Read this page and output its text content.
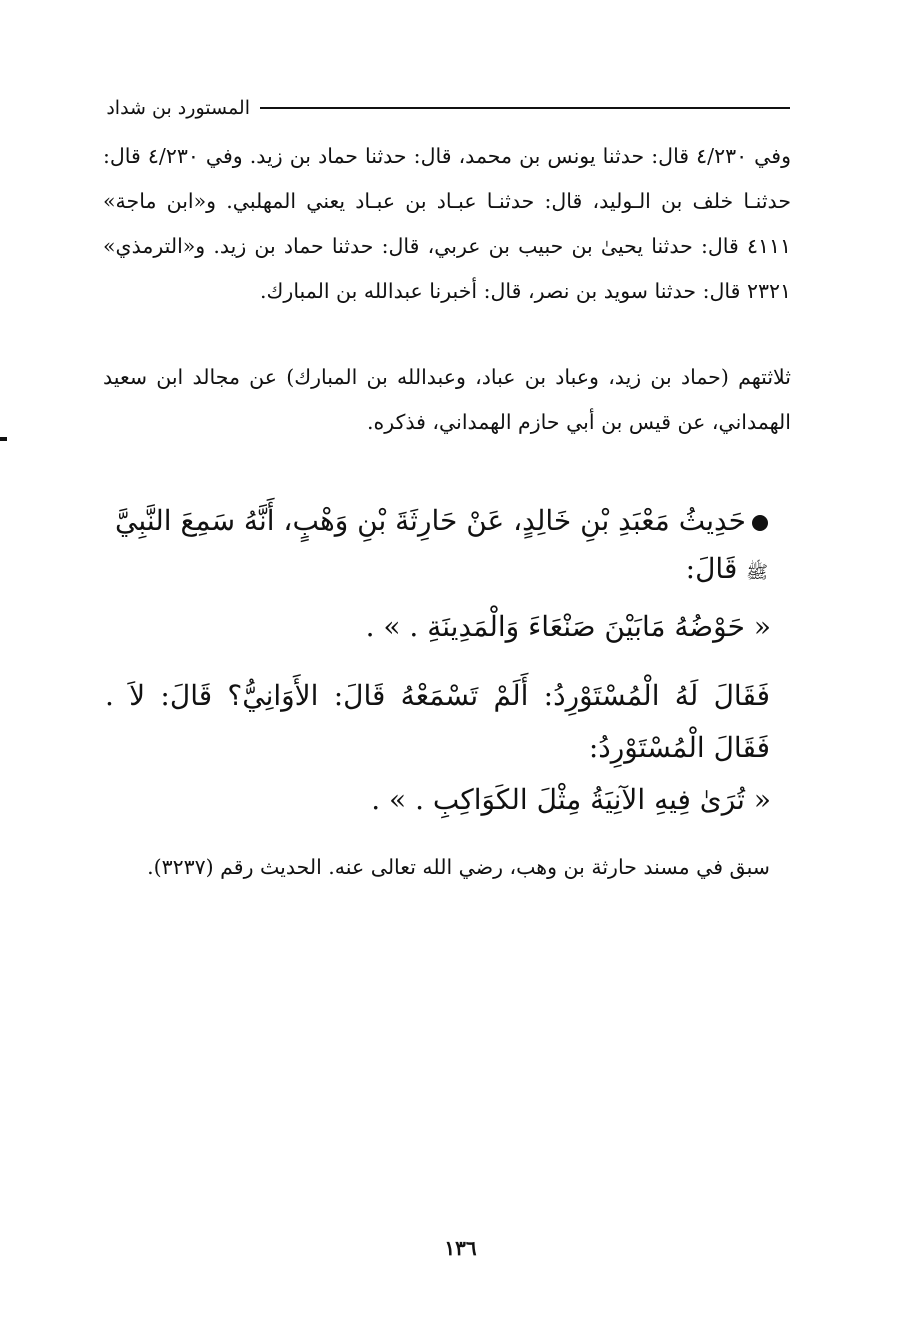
المستورد بن شداد

وفي ٤/٢٣٠ قال: حدثنا يونس بن محمد، قال: حدثنا حماد بن زيد. وفي ٤/٢٣٠ قال: حدثنـا خلف بن الـوليد، قال: حدثنـا عبـاد بن عبـاد يعني المهلبي. و«ابن ماجة» ٤١١١ قال: حدثنا يحيىٰ بن حبيب بن عربي، قال: حدثنا حماد بن زيد. و«الترمذي» ٢٣٢١ قال: حدثنا سويد بن نصر، قال: أخبرنا عبدالله بن المبارك.

ثلاثتهم (حماد بن زيد، وعباد بن عباد، وعبدالله بن المبارك) عن مجالد ابن سعيد الهمداني، عن قيس بن أبي حازم الهمداني، فذكره.

حَدِيثُ مَعْبَدِ بْنِ خَالِدٍ، عَنْ حَارِثَةَ بْنِ وَهْبٍ، أَنَّهُ سَمِعَ النَّبِيَّ
ﷺ قَالَ:

« حَوْضُهُ مَابَيْنَ صَنْعَاءَ وَالْمَدِينَةِ . » .

فَقَالَ لَهُ الْمُسْتَوْرِدُ: أَلَمْ تَسْمَعْهُ قَالَ: الأَوَانِيُّ؟ قَالَ: لاَ . فَقَالَ الْمُسْتَوْرِدُ:

« تُرَىٰ فِيهِ الآنِيَةُ مِثْلَ الكَوَاكِبِ . » .

سبق في مسند حارثة بن وهب، رضي الله تعالى عنه. الحديث رقم (٣٢٣٧).

١٣٦
